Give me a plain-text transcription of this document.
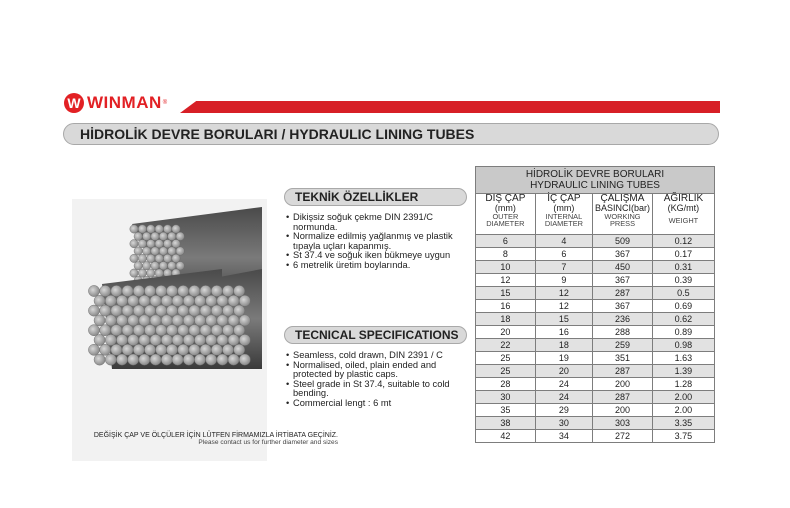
W WINMAN ®
HİDROLİK DEVRE BORULARI / HYDRAULIC LINING TUBES
TEKNİK ÖZELLİKLER
• Dikişsiz soğuk çekme DIN 2391/C normunda.
• Normalize edilmiş yağlanmış ve plastik tıpayla uçları kapanmış.
• St 37.4 ve soğuk iken bükmeye uygun
• 6 metrelik üretim boylarında.
TECNICAL SPECIFICATIONS
• Seamless, cold drawn, DIN 2391 / C
• Normalised, oiled, plain ended and protected by plastic caps.
• Steel grade in St 37.4, suitable to cold bending.
• Commercial lengt : 6 mt
DEĞİŞİK ÇAP VE ÖLÇÜLER İÇİN LÜTFEN FİRMAMIZLA İRTİBATA GEÇİNİZ.
Please contact us for further diameter and sizes
HİDROLİK DEVRE BORULARI
HYDRAULIC LINING TUBES			

DIŞ ÇAP
(mm)
OUTER
DIAMETER	İÇ ÇAP
(mm)
INTERNAL
DIAMETER	ÇALIŞMA
BASINCI(bar)
WORKING
PRESS	AĞIRLIK
(KG/mt)
WEIGHT

6	4	509	0.12
8	6	367	0.17
10	7	450	0.31
12	9	367	0.39
15	12	287	0.5
16	12	367	0.69
18	15	236	0.62
20	16	288	0.89
22	18	259	0.98
25	19	351	1.63
25	20	287	1.39
28	24	200	1.28
30	24	287	2.00
35	29	200	2.00
38	30	303	3.35
42	34	272	3.75
